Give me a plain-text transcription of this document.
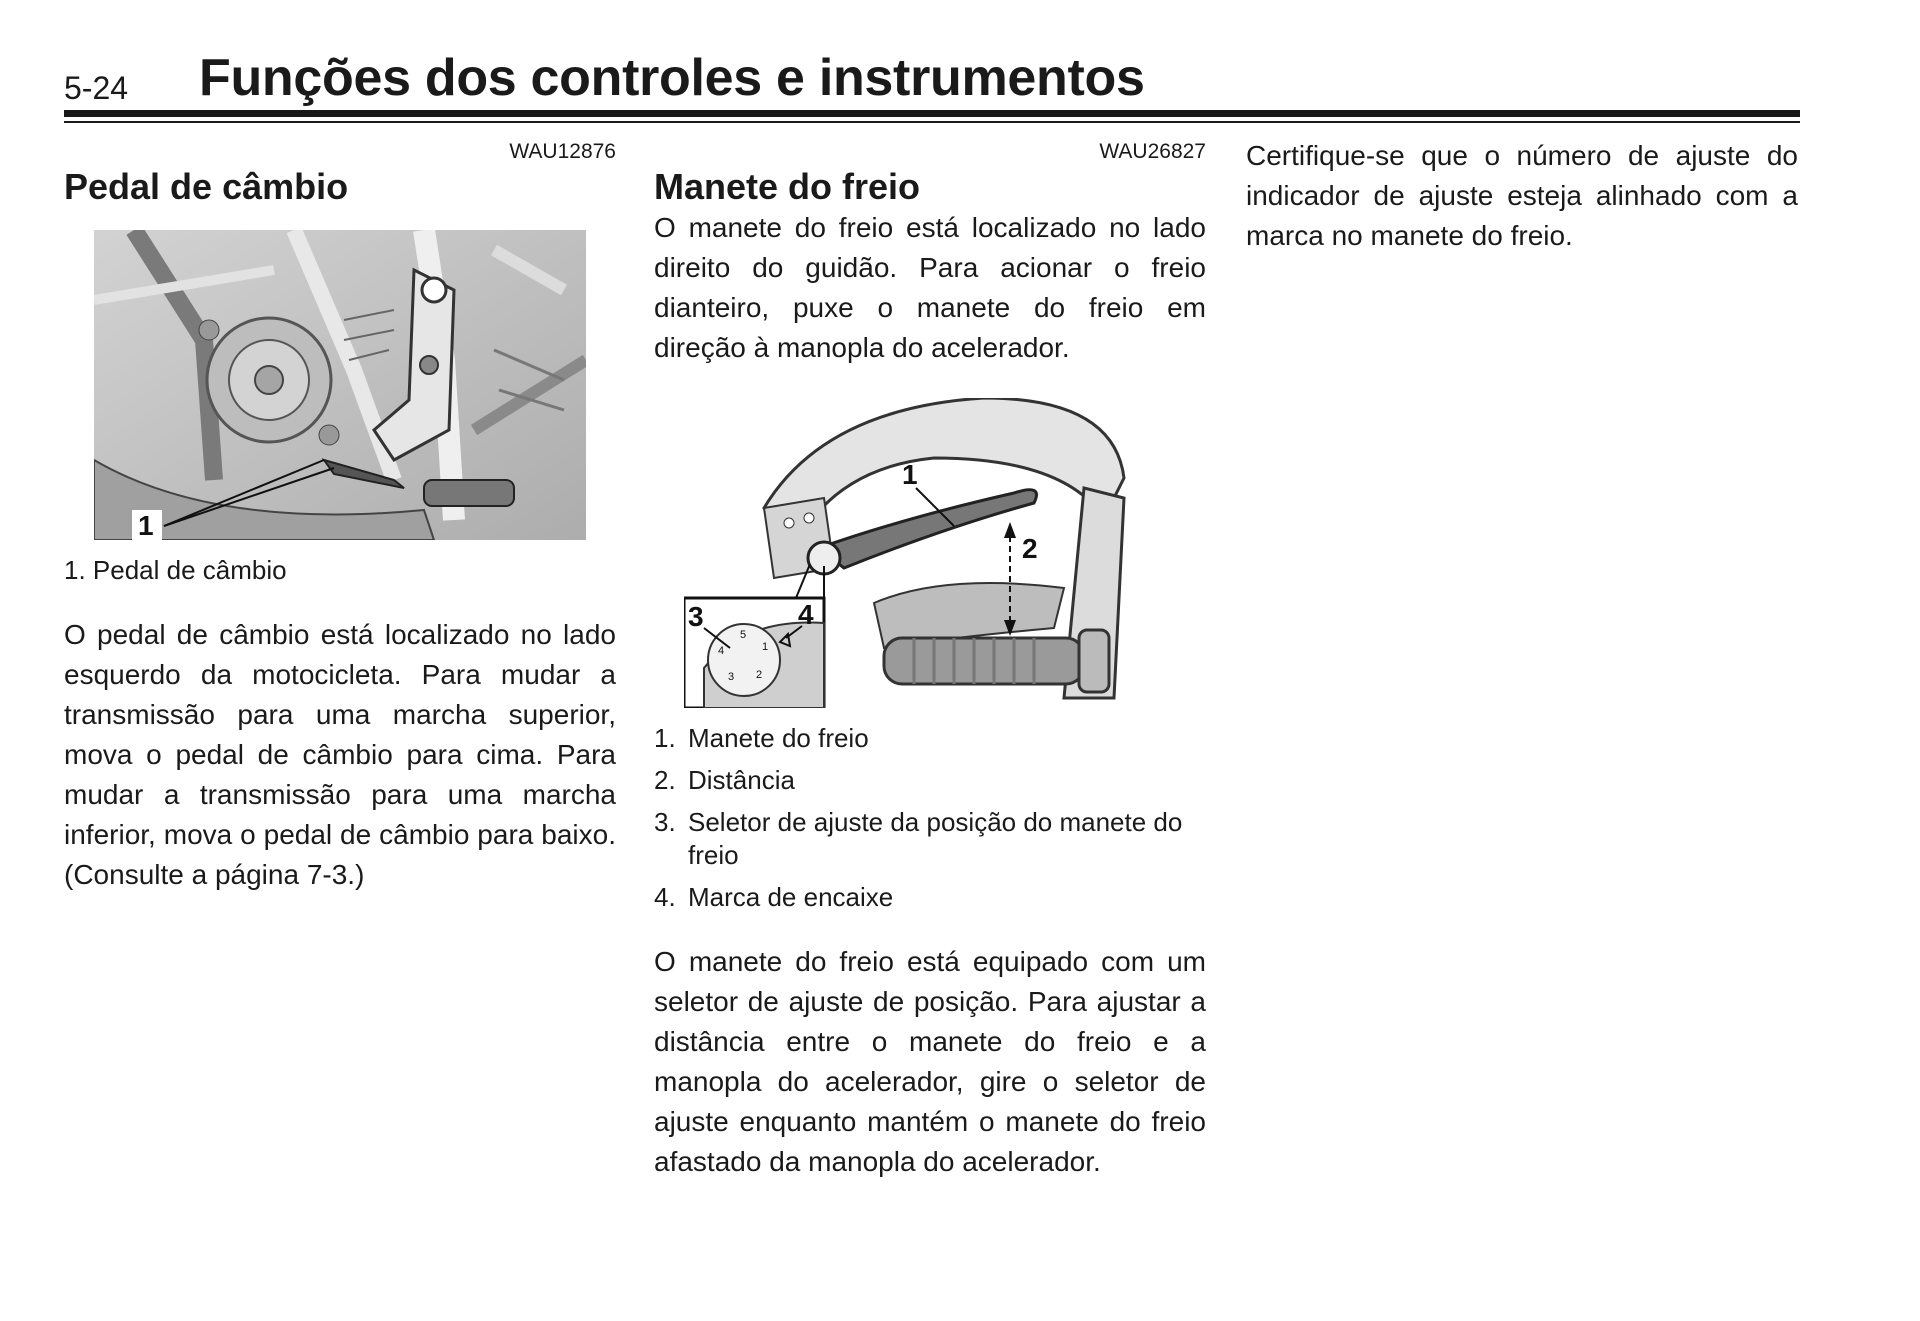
5-24 Funções dos controles e instrumentos
WAU12876
Pedal de câmbio
1
1. Pedal de câmbio

O pedal de câmbio está localizado no lado esquerdo da motocicleta. Para mudar a transmissão para uma marcha superior, mova o pedal de câmbio para cima. Para mudar a transmissão para uma marcha inferior, mova o pedal de câmbio para baixo. (Consulte a página 7-3.)

WAU26827
Manete do freio

O manete do freio está localizado no lado direito do guidão. Para acionar o freio dianteiro, puxe o manete do freio em direção à manopla do acelerador.

1
2
5
1
4
3 2
3	4
1. Manete do freio
2. Distância
3. Seletor de ajuste da posição do manete do freio
4. Marca de encaixe

O manete do freio está equipado com um seletor de ajuste de posição. Para ajustar a distância entre o manete do freio e a manopla do acelerador, gire o seletor de ajuste enquanto mantém o manete do freio afastado da manopla do acelerador.

Certifique-se que o número de ajuste do indicador de ajuste esteja alinhado com a marca no manete do freio.
